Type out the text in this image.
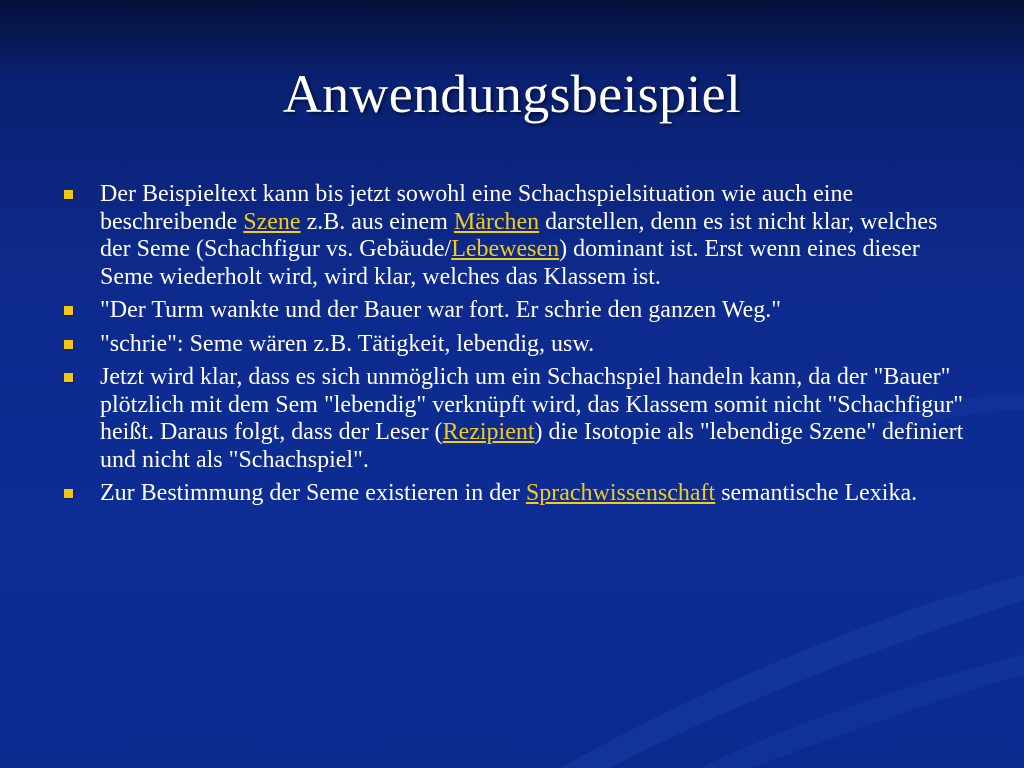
Anwendungsbeispiel
Der Beispieltext kann bis jetzt sowohl eine Schachspielsituation wie auch eine beschreibende Szene z.B. aus einem Märchen darstellen, denn es ist nicht klar, welches der Seme (Schachfigur vs. Gebäude/Lebewesen) dominant ist. Erst wenn eines dieser Seme wiederholt wird, wird klar, welches das Klassem ist.
"Der Turm wankte und der Bauer war fort. Er schrie den ganzen Weg."
"schrie": Seme wären z.B. Tätigkeit, lebendig, usw.
Jetzt wird klar, dass es sich unmöglich um ein Schachspiel handeln kann, da der "Bauer" plötzlich mit dem Sem "lebendig" verknüpft wird, das Klassem somit nicht "Schachfigur" heißt. Daraus folgt, dass der Leser (Rezipient) die Isotopie als "lebendige Szene" definiert und nicht als "Schachspiel".
Zur Bestimmung der Seme existieren in der Sprachwissenschaft semantische Lexika.
